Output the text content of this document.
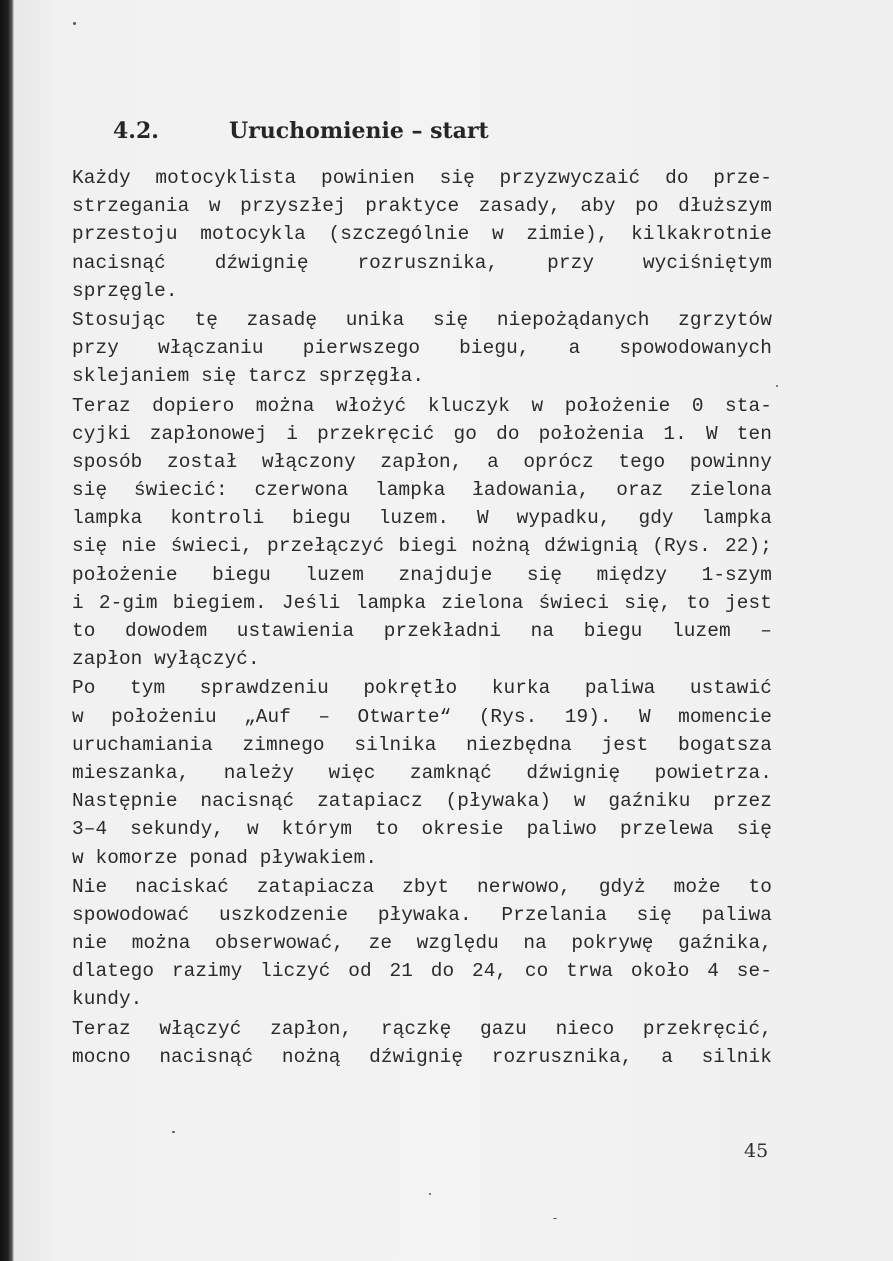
4.2.	Uruchomienie – start

Każdy motocyklista powinien się przyzwyczaić do prze-
strzegania w przyszłej praktyce zasady, aby po dłuższym
przestoju motocykla (szczególnie w zimie), kilkakrotnie
nacisnąć dźwignię rozrusznika, przy wyciśniętym
sprzęgle.

Stosując tę zasadę unika się niepożądanych zgrzytów
przy włączaniu pierwszego biegu, a spowodowanych
sklejaniem się tarcz sprzęgła.

Teraz dopiero można włożyć kluczyk w położenie 0 sta-
cyjki zapłonowej i przekręcić go do położenia 1. W ten
sposób został włączony zapłon, a oprócz tego powinny
się świecić: czerwona lampka ładowania, oraz zielona
lampka kontroli biegu luzem. W wypadku, gdy lampka
się nie świeci, przełączyć biegi nożną dźwignią (Rys. 22);
położenie biegu luzem znajduje się między 1-szym
i 2-gim biegiem. Jeśli lampka zielona świeci się, to jest
to dowodem ustawienia przekładni na biegu luzem –
zapłon wyłączyć.

Po tym sprawdzeniu pokrętło kurka paliwa ustawić
w położeniu „Auf – Otwarte“ (Rys. 19). W momencie
uruchamiania zimnego silnika niezbędna jest bogatsza
mieszanka, należy więc zamknąć dźwignię powietrza.
Następnie nacisnąć zatapiacz (pływaka) w gaźniku przez
3–4 sekundy, w którym to okresie paliwo przelewa się
w komorze ponad pływakiem.

Nie naciskać zatapiacza zbyt nerwowo, gdyż może to
spowodować uszkodzenie pływaka. Przelania się paliwa
nie można obserwować, ze względu na pokrywę gaźnika,
dlatego razimy liczyć od 21 do 24, co trwa około 4 se-
kundy.

Teraz włączyć zapłon, rączkę gazu nieco przekręcić,
mocno nacisnąć nożną dźwignię rozrusznika, a silnik

45
